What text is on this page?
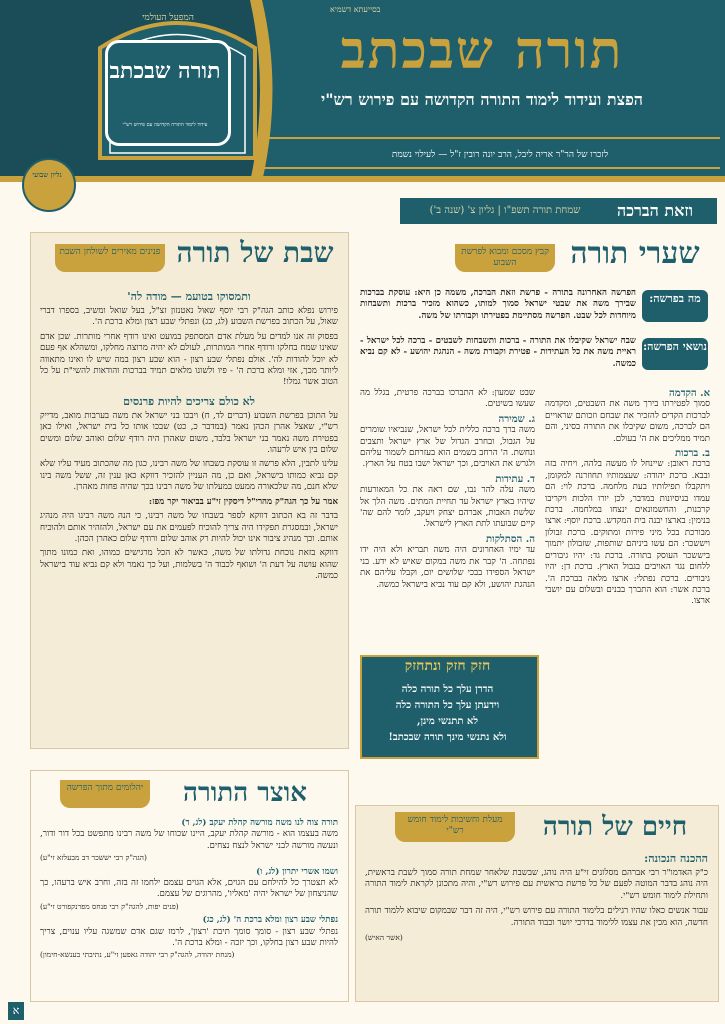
בסייעתא דשמיא
תורה שבכתב
הפצת ועידוד לימוד התורה הקדושה עם פירוש רש"י
לזכרו של הר"ר אריה ליבל, הרב יונה רובין ז"ל — לעילוי נשמת
המפעל העולמי
תורה שבכתב
עידוד לימוד התורה הקדושה עם פירוש רש"י
גליון שבועי
וזאת הברכה
שמחת תורה תשפ"ו | גליון צ' (שנה ב')
שערי תורה
קבץ מסכם ומבוא לפרשת השבוע
מה בפרשה:
הפרשה האחרונה בתורה - פרשת וזאת הברכה, משמה כן היא: עוסקת בברכות שבירך משה את שבטי ישראל סמוך למותו, כשהוא מזכיר ברכות ותשבחות מיוחדות לכל שבט. הפרשה מסתיימת בפטירתו וקבורתו של משה.
נושאי הפרשה:
שבח ישראל שקיבלו את התורה - ברכות ותשבחות לשבטים - ברכה לכל ישראל - ראיית משה את כל העתידות - פטירת וקבורת משה - הנהגת יהושע - לא קם נביא כמשה.
א. הקדמה
סמוך לפטירתו בירך משה את השבטים, ומקדמה לברכות הקדים להזכיר את שבחם וזכותם שראויים הם לברכה, משום שקיבלו את התורה בסיני, והם תמיד ממליכים את ה' בעולם.
ב. ברכות
ברכת ראובן: שיינחל לו מעשה בלהה, ויחיה בזה ובבא. ברכת יהודה: שעצמותיו תחוזרנה למקומן, ויתקבלו תפילותיו בעת מלחמה. ברכת לוי: הם עמדו בניסיונות במדבר, לכן יורו הלכות ויקריבו קרבנות, והחשמונאים ינצחו במלחמה. ברכת בנימין: בארצו יבנה בית המקדש. ברכת יוסף: ארצו מבורכת בכל מיני פירות ומתוקים. ברכת זבולון ויששכר: הם עשו ביניהם שותפות, שזבולון יתמוך ביששכר העוסק בתורה. ברכת גד: יהיו גיבורים ללחום נגד האויבים בגבול הארץ. ברכת דן: יהיו גיבורים. ברכת נפתלי: ארצו מלאה בברכת ה'. ברכת אשר: הוא התברך בבנים ובשלום עם יושבי ארצו.
שבט שמעון: לא התברכו בברכה פרטית, בגלל מה שעשו בשיטים.
ג. שמירה
משה ברך ברכה כללית לכל ישראל, שנביאיו שומרים על הגבול, ובחרב הגדול של ארץ ישראל ותצבים ונחשת. ה' הרחב בשמים הוא בעזרתם לשמור עליהם ולגרש את האויבים, וכך ישראל ישבו בטח על הארץ.
ד. עתידות
משה עלה להר נבו, שם ראה את כל המאורעות שיהיו בארץ ישראל עד תחיית המתים. משה הלך אל שלשת האבות, אברהם יצחק ויעקב, לומר להם שה' קיים שבועתו לתת הארץ לישראל.
ה. הסתלקות
עד ימיו האחרונים היה משה תבריא ולא היה ידו נפתחה. ה' קבר את משה במקום שאיש לא ידע. בני ישראל הספידו בבכי שלושים יום, וקבלו עליהם את הנהגת יהושע, ולא קם עוד נביא בישראל כמשה.
חזק חזק ונתחזק
הדרן עלך כל תורה כלה
וידעתן עלך כל התורה כלה
לא תתנשי מינן,
ולא נתנשי מינך תורה שבכתב!
שבת של תורה
פנינים מאירים לשולחן השבת
ותמסוקו בטועמ — מודה לה'
פירוש נפלא כותב הגה"ק רבי יוסף שאול נאטנזון זצ"ל, בעל שואל ומשיב, בספרו דברי שאול, על הכתוב בפרשת השבוע (לג, כג) ונפתלי שבע רצון ומלא ברכת ה'.
בפסוק זה אנו למדים על מעלת אדם המסתפק במועט ואינו רודף אחרי מותרות. שכן אדם שאינו שמח בחלקו ורודף אחרי המותרות, לעולם לא יהיה מרוצה מחלקו, ומשהלא אף פעם לא יוכל להודות לה'. אולם נפתלי שבע רצון - הוא שבע רצון במה שיש לו ואינו מתאווה ליותר מכך, אזי ומלא ברכת ה' - פיו ולשונו מלאים תמיד בברכות והודאות להשי"ת על כל הטוב אשר גמלו!
לא כולם צריכים להיות פרנסים
על התוכן בפרשת השבוע (דברים לד, ח) ויבכו בני ישראל את משה בערבות מואב, מדייק רש"י, שאצל אהרן הכהן נאמר (במדבר כ, כט) שבכו אותו כל בית ישראל, ואילו כאן בפטירת משה נאמר בני ישראל בלבד, משום שאהרן היה רודף שלום ואוהב שלום ומשים שלום בין איש לרעהו.
עלינו לתבין, הלא פרשה זו עוסקת בשבחו של משה רבינו, כגון מה שהכתוב מעיד עליו שלא קם נביא כמותו בישראל, ואם כן, מה העניין להזכיר דווקא כאן ענין זה, ששל משה בינו שלא חנם, מה שלכאורה ממעט במעלתו של משה רבינו בכך שהיה פחות מאהרן.
אמר על כך הגה"ק מהרי"ל דיסקין זי"ע בביאור יקר מפז:
בדבר זה בא הכתוב דווקא לספר בשבחו של משה רבינו, כי הנה משה רבינו היה מנהיג ישראל, ובמסגרת תפקידו היה צריך להוכיח לפעמים את עם ישראל, ולהזהיר אותם ולהוכיח אותם. וכך מנהיג ציבור אינו יכול להיות רק אוהב שלום ורודף שלום כאהרן הכהן.
דווקא בזאת נוכחת גדולתו של משה, כאשר לא הכל מרגישים כמוהו, ואת כמונו מתוך שהוא עושה על דעת ה' ושואף לכבוד ה' בשלמות, ועל כך נאמר ולא קם נביא עוד בישראל כמשה.
אוצר התורה
יהלומים מתוך הפרשה
תורה צוה לנו משה מורשה קהלת יעקב (לג, ד)
משה בעצמו הוא - מורשה קהלת יעקב, היינו שכוחו של משה רבינו מתפשט בכל דור ודור, ונעשה מורשה לבני ישראל לנצח נצחים.
(הגה"ק רבי יששכר דב מבעלזא זי"ע)
ושמו אשרי יתרון (לג, ו)
לא תצטרך כל להילחם עם הגוים, אלא הגוים עצמם ילחמו זה בזה, וחרב איש ברעהו, כך שהניצחון של ישראל יהיה 'מאליו', מהרוגים של עצמם.
(פנים יפות, להגה"ק רבי פנחס מפרנקפורט זי"ע)
נפתלי שבע רצון ומלא ברכת ה' (לג, כג)
נפתלי שבע רצון - סומך סומך תיבת 'רצון', לרמז שגם אדם שמשגה עליו ענוים, צריך להיות שבע רצון בחלקו, וכך יזכה - ומלא ברכת ה'.
(מנחת יהודה, להגה"ק רבי יהודה גאפען זי"ע, נתיבתי בענשא-חימון)
חיים של תורה
מעלת וחשיבות לימוד חומש רש"י
ההכנה הנכונה:
כ"ק האדמו"ר רבי אברהם מסלונים זי"ע היה נוהג, שבשבת שלאחר שמחת תורה סמוך לשבת בראשית, היה נוהג בדבר המוטה לפעם של כל פרשת בראשית עם פירוש רש"י, והיה מתכונן לקראת לימוד התורה ותחילת לימוד חומש רש"י.
עבור אנשים כאלו שהיו רגילים בלימוד התורה עם פירוש רש"י, היה זה דבר שבמקום שיבוא ללמוד תורה חדשה, הוא מכין את עצמו ללימוד בדרכי יושר וכבוד התורה.
(אשר האיש)
א
